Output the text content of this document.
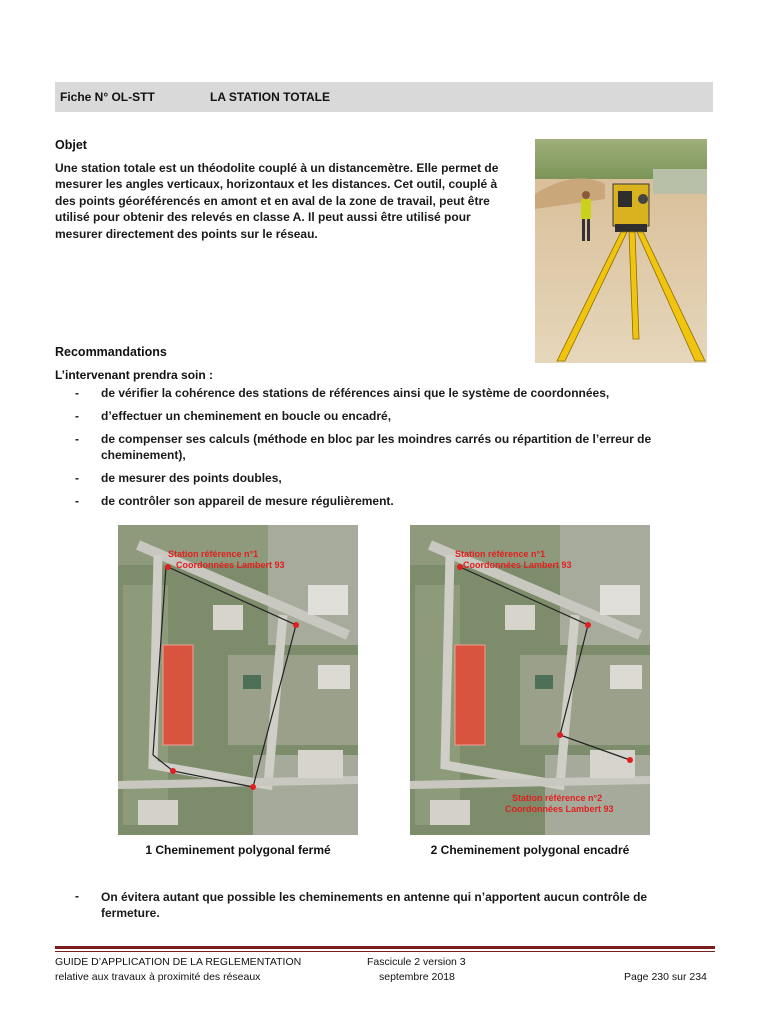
Fiche N° OL-STT	LA STATION TOTALE
Objet
Une station totale est un théodolite couplé à un distancemètre. Elle permet de mesurer les angles verticaux, horizontaux et les distances. Cet outil, couplé à des points géoréférencés en amont et en aval de la zone de travail, peut être utilisé pour obtenir des relevés en classe A. Il peut aussi être utilisé pour mesurer directement des points sur le réseau.
Recommandations
L’intervenant prendra soin :
- de vérifier la cohérence des stations de références ainsi que le système de coordonnées,
- d’effectuer un cheminement en boucle ou encadré,
- de compenser ses calculs (méthode en bloc par les moindres carrés ou répartition de l’erreur de cheminement),
- de mesurer des points doubles,
- de contrôler son appareil de mesure régulièrement.
Station référence n°1
Coordonnées Lambert 93
Station référence n°1
Coordonnées Lambert 93
Station référence n°2
Coordonnées Lambert 93
1 Cheminement polygonal fermé	2 Cheminement polygonal encadré
-	On évitera autant que possible les cheminements en antenne qui n’apportent aucun contrôle de fermeture.
GUIDE D’APPLICATION DE LA REGLEMENTATION
relative aux travaux à proximité des réseaux
Fascicule 2 version 3
septembre 2018	Page 230 sur 234
